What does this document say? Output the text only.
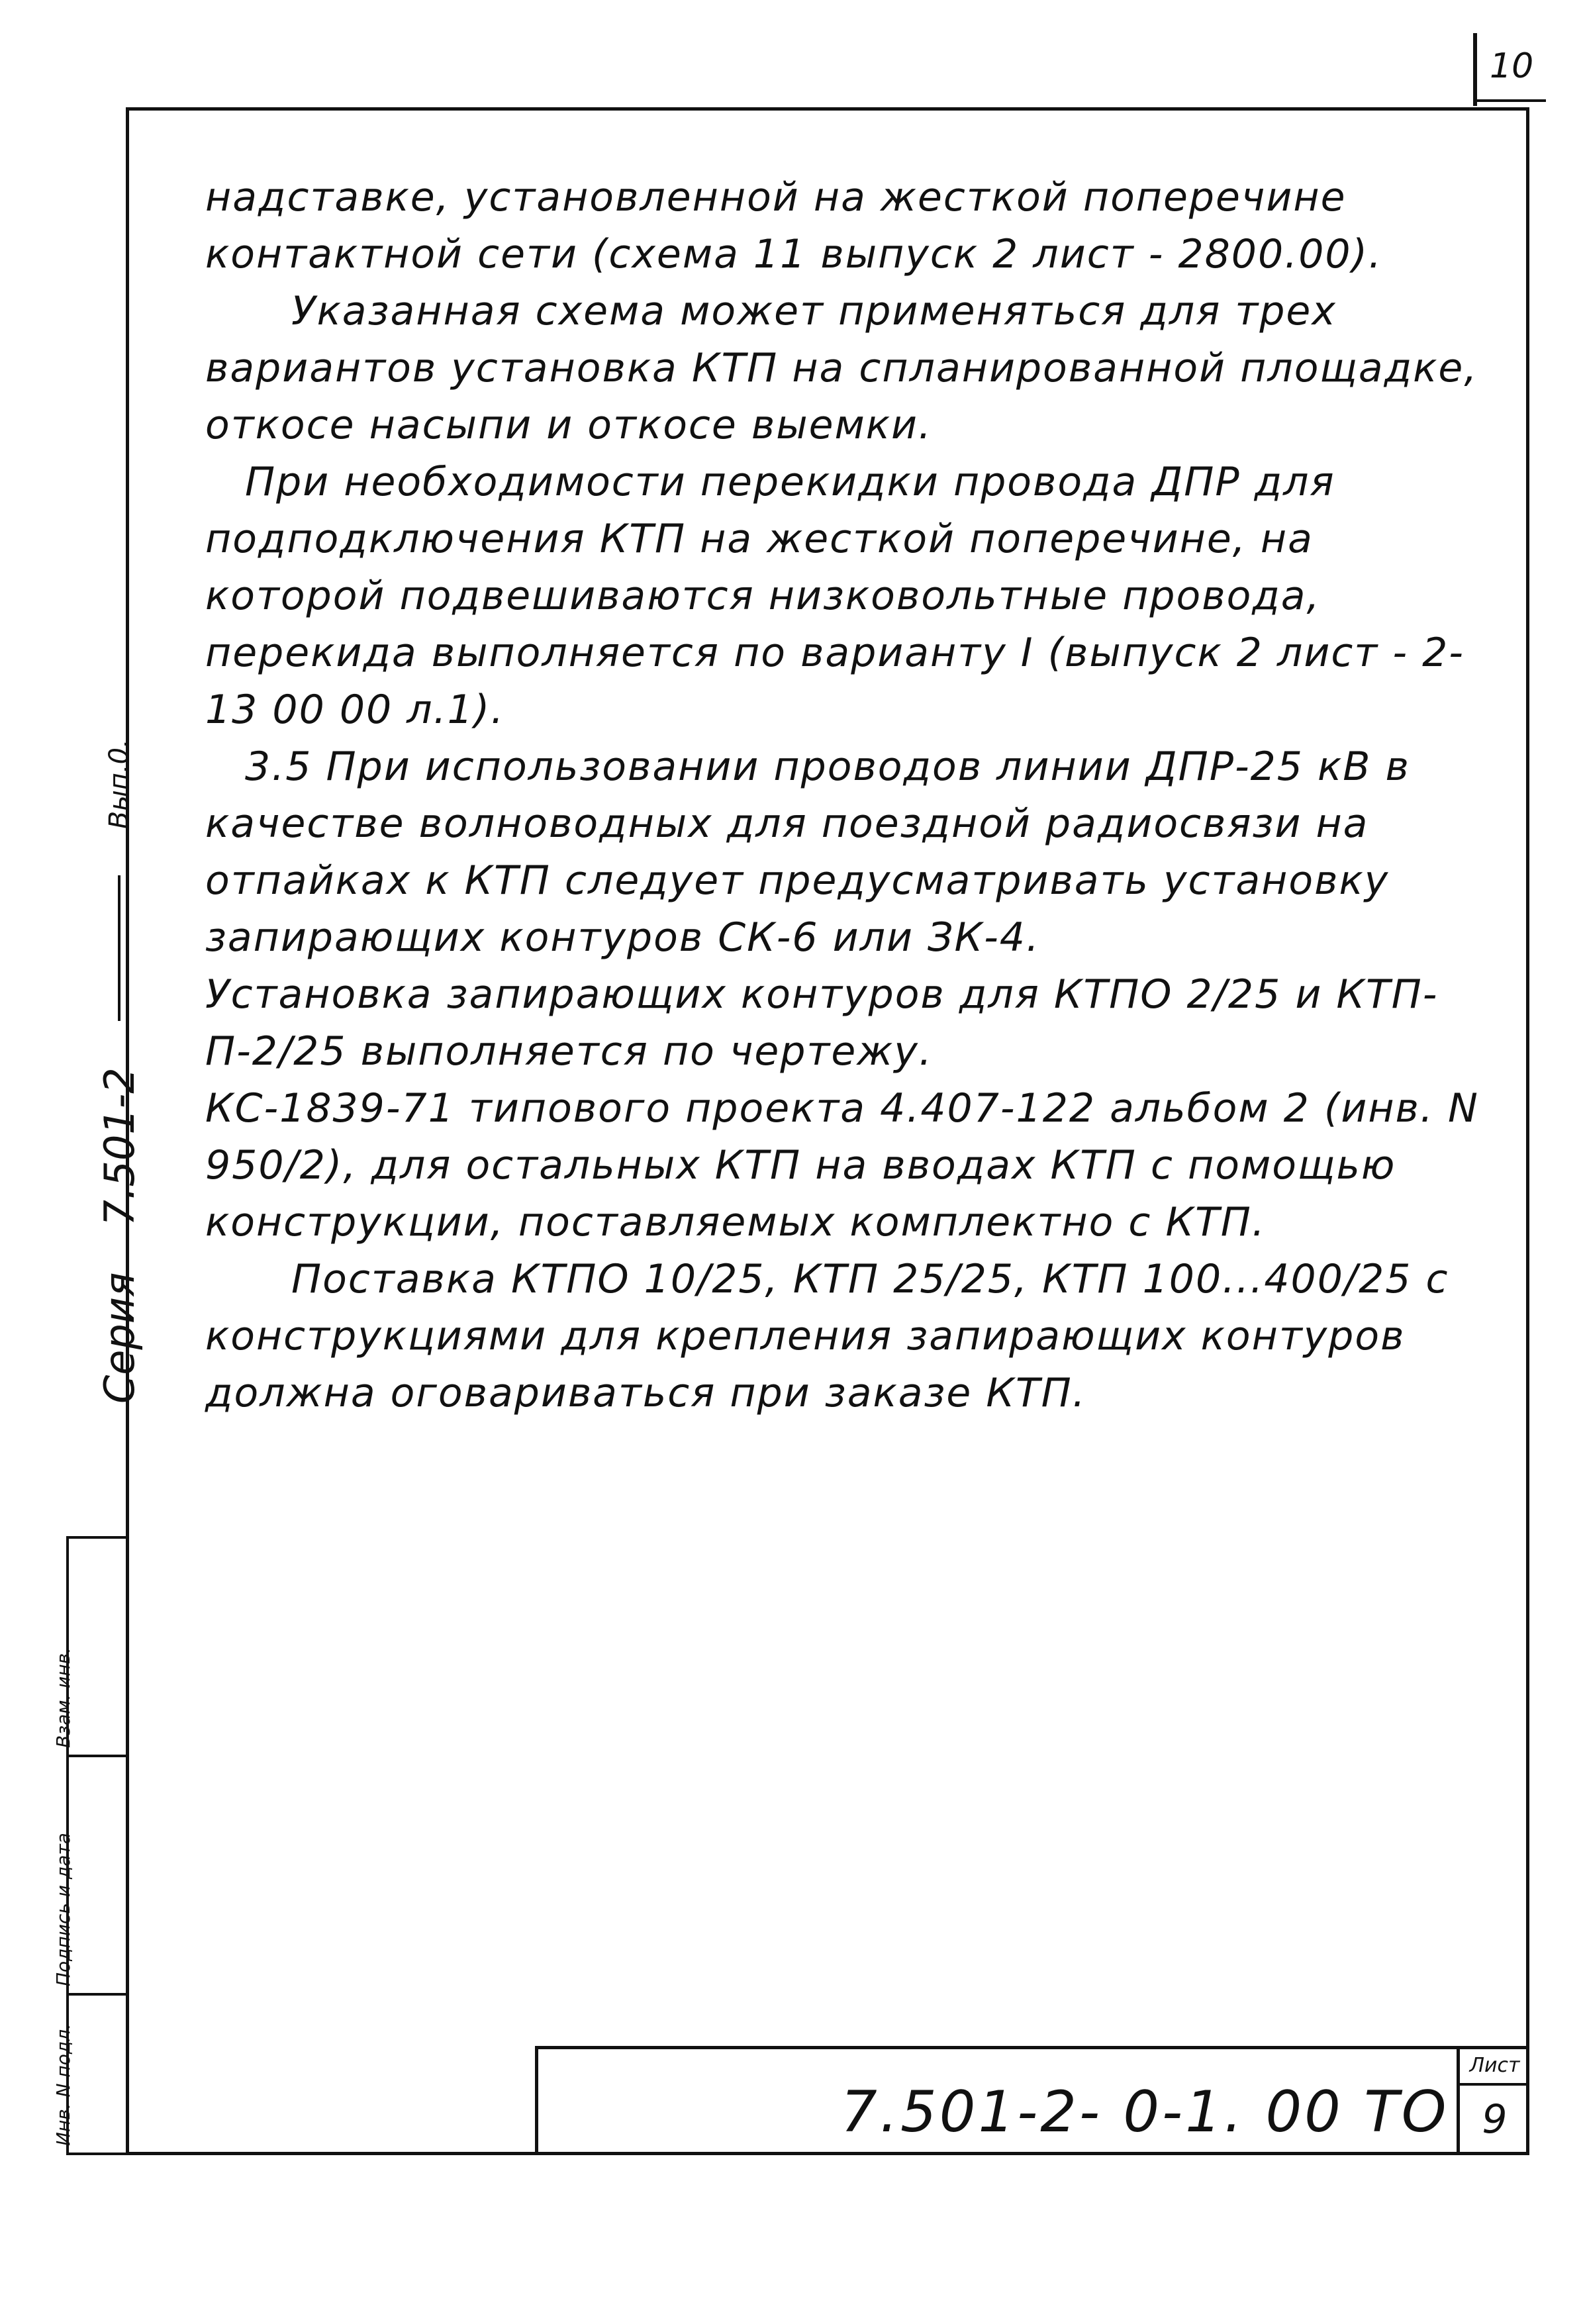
10
Серия
7.501-2
Вып.0.
Взам. инв.
Подпись и дата
Инв. N подл.

надставке, установленной на жесткой поперечине контактной сети (схема 11 выпуск 2 лист - 2800.00).

Указанная схема может применяться для трех вариантов установка КТП на спланированной площадке, откосе насыпи и откосе выемки.

При необходимости перекидки провода ДПР для подподключения КТП на жесткой поперечине, на которой подвешиваются низковольтные провода, перекида выполняется по варианту I (выпуск 2 лист - 2-13 00 00 л.1).

3.5 При использовании проводов линии ДПР-25 кВ в качестве волноводных для поездной радиосвязи на отпайках к КТП следует предусматривать установку запирающих контуров СК-6 или ЗК-4.

Установка запирающих контуров для КТПО 2/25 и КТП-П-2/25 выполняется по чертежу.

КС-1839-71 типового проекта 4.407-122 альбом 2 (инв. N 950/2), для остальных КТП на вводах КТП с помощью конструкции, поставляемых комплектно с КТП.

Поставка КТПО 10/25, КТП 25/25, КТП 100...400/25 с конструкциями для крепления запирающих контуров должна оговариваться при заказе КТП.

7.501-2- 0-1. 00 ТО
Лист
9
